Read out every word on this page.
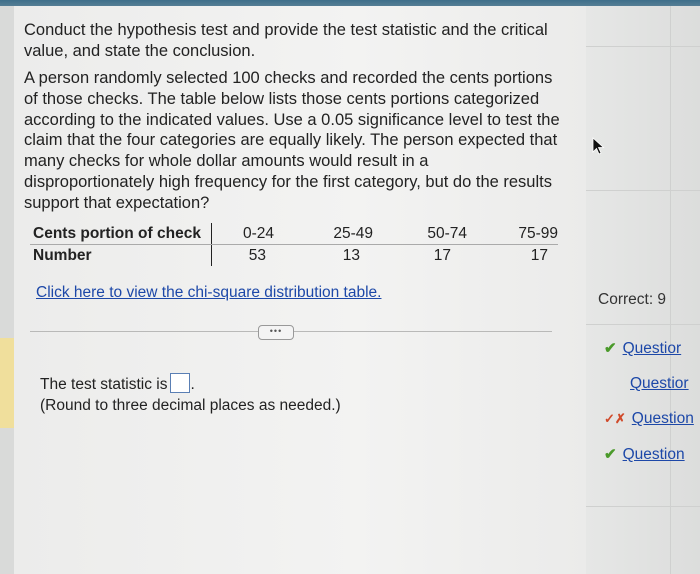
Conduct the hypothesis test and provide the test statistic and the critical value, and state the conclusion.
A person randomly selected 100 checks and recorded the cents portions of those checks. The table below lists those cents portions categorized according to the indicated values. Use a 0.05 significance level to test the claim that the four categories are equally likely. The person expected that many checks for whole dollar amounts would result in a disproportionately high frequency for the first category, but do the results support that expectation?
Cents portion of check	0-24	25-49	50-74	75-99
Number	53	13	17	17
Click here to view the chi-square distribution table.
•••
The test statistic is .
(Round to three decimal places as needed.)
Correct: 9
✔ Questior
Questior
✓✗ Question
✔ Question
